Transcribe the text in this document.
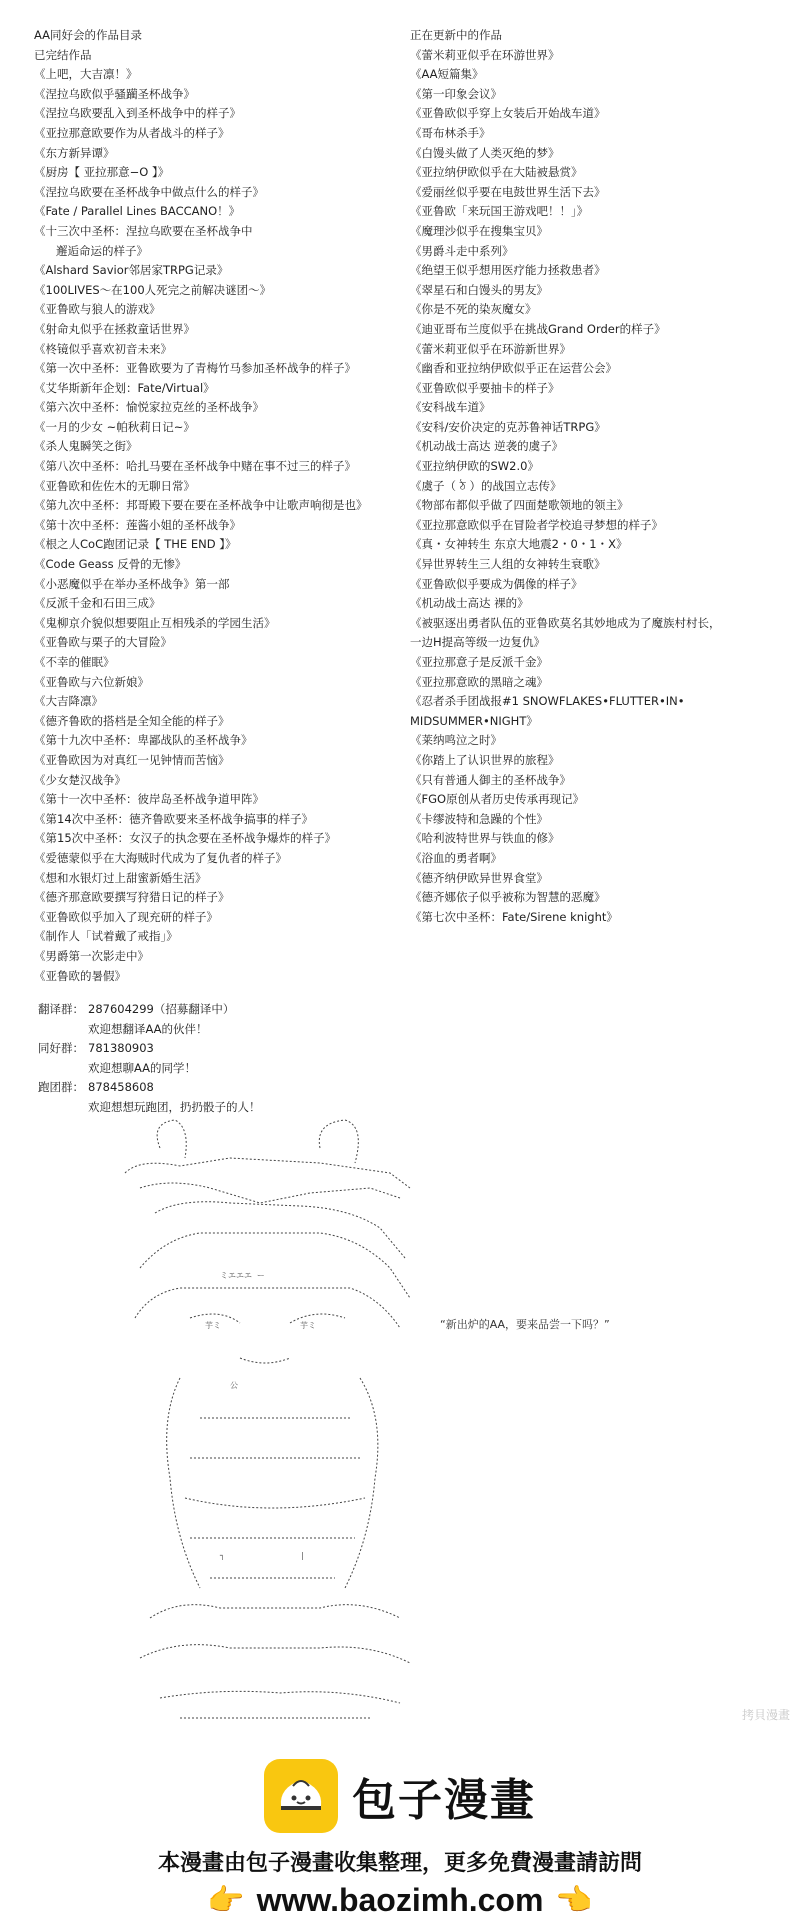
AA同好会的作品目录
已完结作品
《上吧，大吉凛！》
《涅拉乌欧似乎骚躏圣杯战争》
《涅拉乌欧要乱入到圣杯战争中的样子》
《亚拉那意欧要作为从者战斗的样子》
《东方新异谭》
《厨房【 亚拉那意−O 】》
《涅拉乌欧要在圣杯战争中做点什么的样子》
《Fate / Parallel Lines BACCANO！》
《十三次中圣杯：涅拉乌欧要在圣杯战争中
邂逅命运的样子》
《Alshard Savior邻居家TRPG记录》
《100LIVES～在100人死完之前解决谜团～》
《亚鲁欧与狼人的游戏》
《射命丸似乎在拯救童话世界》
《柊镜似乎喜欢初音未来》
《第一次中圣杯：亚鲁欧要为了青梅竹马参加圣杯战争的样子》
《艾华斯新年企划：Fate/Virtual》
《第六次中圣杯：愉悦家拉克丝的圣杯战争》
《一月的少女 ~帕秋莉日记~》
《杀人鬼瞬笑之街》
《第八次中圣杯：哈扎马要在圣杯战争中赌在事不过三的样子》
《亚鲁欧和佐佐木的无聊日常》
《第九次中圣杯：邦哥殿下要在要在圣杯战争中让歌声响彻是也》
《第十次中圣杯：莲酱小姐的圣杯战争》
《根之人CoC跑团记录【 THE END 】》
《Code Geass 反骨的无惨》
《小恶魔似乎在举办圣杯战争》第一部
《反派千金和石田三成》
《鬼柳京介貌似想要阻止互相残杀的学园生活》
《亚鲁欧与栗子的大冒险》
《不幸的催眠》
《亚鲁欧与六位新娘》
《大吉降凛》
《德齐鲁欧的搭档是全知全能的样子》
《第十九次中圣杯：卑鄙战队的圣杯战争》
《亚鲁欧因为对真红一见钟情而苦恼》
《少女楚汉战争》
《第十一次中圣杯：彼岸岛圣杯战争道甲阵》
《第14次中圣杯：德齐鲁欧要来圣杯战争搞事的样子》
《第15次中圣杯：女汉子的执念要在圣杯战争爆炸的样子》
《爱德蒙似乎在大海贼时代成为了复仇者的样子》
《想和水银灯过上甜蜜新婚生活》
《德齐那意欧要撰写狩猎日记的样子》
《亚鲁欧似乎加入了现充研的样子》
《制作人「试着戴了戒指」》
《男爵第一次影走中》
《亚鲁欧的暑假》
正在更新中的作品
《蕾米莉亚似乎在环游世界》
《AA短篇集》
《第一印象会议》
《亚鲁欧似乎穿上女装后开始战车道》
《哥布林杀手》
《白馒头做了人类灭绝的梦》
《亚拉纳伊欧似乎在大陆被悬赏》
《爱丽丝似乎要在电鼓世界生活下去》
《亚鲁欧「来玩国王游戏吧！！」》
《魔理沙似乎在搜集宝贝》
《男爵斗走中系列》
《绝望王似乎想用医疗能力拯救患者》
《翠星石和白馒头的男友》
《你是不死的染灰魔女》
《迪亚哥布兰度似乎在挑战Grand Order的样子》
《蕾米莉亚似乎在环游新世界》
《幽香和亚拉纳伊欧似乎正在运营公会》
《亚鲁欧似乎要抽卡的样子》
《安科战车道》
《安科/安价决定的克苏鲁神话TRPG》
《机动战士高达 逆袭的虞子》
《亚拉纳伊欧的SW2.0》
《虞子（ ঠ ）的战国立志传》
《物部布都似乎做了四面楚歌领地的领主》
《亚拉那意欧似乎在冒险者学校追寻梦想的样子》
《真・女神转生 东京大地震2・0・1・X》
《异世界转生三人组的女神转生衰歌》
《亚鲁欧似乎要成为偶像的样子》
《机动战士高达 裸的》
《被驱逐出勇者队伍的亚鲁欧莫名其妙地成为了魔族村村长，
一边H提高等级一边复仇》
《亚拉那意子是反派千金》
《亚拉那意欧的黑暗之魂》
《忍者杀手团战报#1 SNOWFLAKES•FLUTTER•IN•
MIDSUMMER•NIGHT》
《莱纳鸣泣之时》
《你踏上了认识世界的旅程》
《只有普通人御主的圣杯战争》
《FGO原创从者历史传承再现记》
《卡缪波特和急躁的个性》
《哈利波特世界与铁血的修》
《浴血的勇者啊》
《德齐纳伊欧异世界食堂》
《德齐娜依子似乎被称为智慧的恶魔》
《第七次中圣杯：Fate/Sirene knight》
翻译群： 287604299（招募翻译中）
欢迎想翻译AA的伙伴！
同好群： 781380903
欢迎想聊AA的同学！
跑团群： 878458608
欢迎想想玩跑团，扔扔骰子的人！
ミエエエ ー
芋ミ	芋ミ
公
┐	|
“新出炉的AA，要来品尝一下吗？”
拷貝漫畫
包子漫畫
本漫畫由包子漫畫收集整理，更多免費漫畫請訪問
👉 www.baozimh.com 👈
